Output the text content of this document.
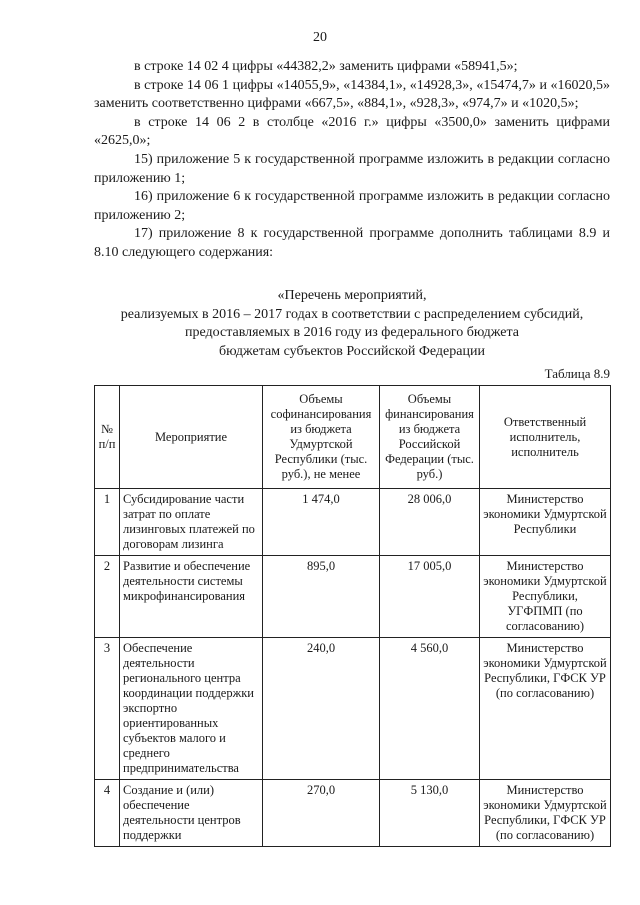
20

в строке 14 02 4 цифры «44382,2» заменить цифрами «58941,5»;

в строке 14 06 1 цифры «14055,9», «14384,1», «14928,3», «15474,7» и «16020,5» заменить соответственно цифрами «667,5», «884,1», «928,3», «974,7» и «1020,5»;

в строке 14 06 2 в столбце «2016 г.» цифры «3500,0» заменить цифрами «2625,0»;

15) приложение 5 к государственной программе изложить в редакции согласно приложению 1;

16) приложение 6 к государственной программе изложить в редакции согласно приложению 2;

17) приложение 8 к государственной программе дополнить таблицами 8.9 и 8.10 следующего содержания:

«Перечень мероприятий,
реализуемых в 2016 – 2017 годах в соответствии с распределением субсидий,
предоставляемых в 2016 году из федерального бюджета
бюджетам субъектов Российской Федерации
Таблица 8.9
№ п/п	Мероприятие	Объемы софинансирования из бюджета Удмуртской Республики (тыс. руб.), не менее	Объемы финансирования из бюджета Российской Федерации (тыс. руб.)	Ответственный исполнитель, исполнитель
1	Субсидирование части затрат по оплате лизинговых платежей по договорам лизинга	1 474,0	28 006,0	Министерство экономики Удмуртской Республики
2	Развитие и обеспечение деятельности системы микрофинансирования	895,0	17 005,0	Министерство экономики Удмуртской Республики, УГФПМП (по согласованию)
3	Обеспечение деятельности регионального центра координации поддержки экспортно ориентированных субъектов малого и среднего предпринимательства	240,0	4 560,0	Министерство экономики Удмуртской Республики, ГФСК УР (по согласованию)
4	Создание и (или) обеспечение деятельности центров поддержки	270,0	5 130,0	Министерство экономики Удмуртской Республики, ГФСК УР (по согласованию)
